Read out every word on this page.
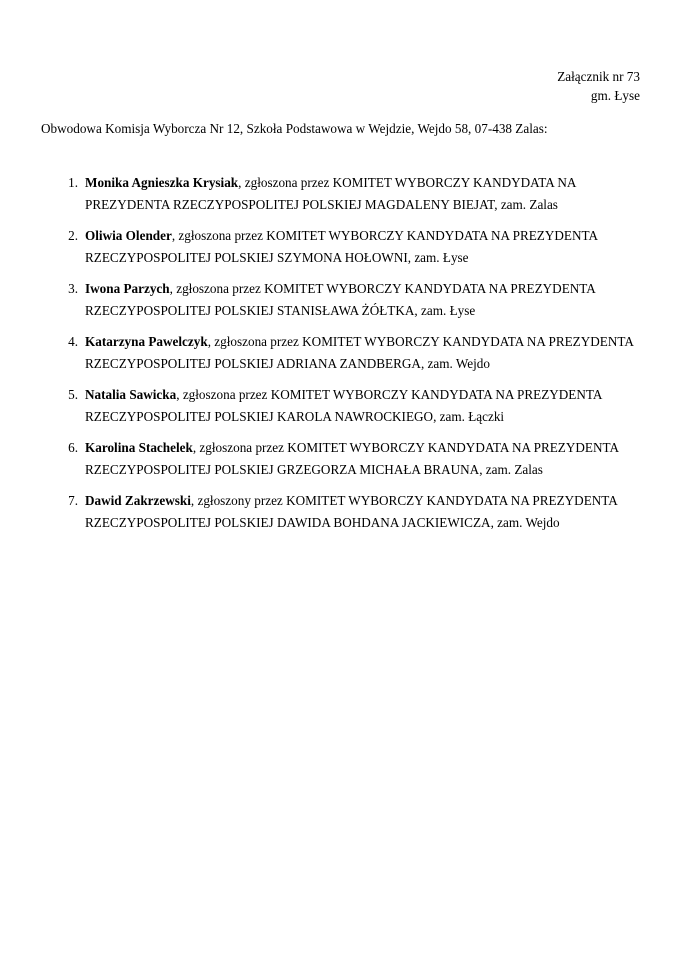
Załącznik nr 73
gm. Łyse
Obwodowa Komisja Wyborcza Nr 12, Szkoła Podstawowa w Wejdzie, Wejdo 58, 07-438 Zalas:
1. Monika Agnieszka Krysiak, zgłoszona przez KOMITET WYBORCZY KANDYDATA NA PREZYDENTA RZECZYPOSPOLITEJ POLSKIEJ MAGDALENY BIEJAT, zam. Zalas
2. Oliwia Olender, zgłoszona przez KOMITET WYBORCZY KANDYDATA NA PREZYDENTA RZECZYPOSPOLITEJ POLSKIEJ SZYMONA HOŁOWNI, zam. Łyse
3. Iwona Parzych, zgłoszona przez KOMITET WYBORCZY KANDYDATA NA PREZYDENTA RZECZYPOSPOLITEJ POLSKIEJ STANISŁAWA ŻÓŁTKA, zam. Łyse
4. Katarzyna Pawelczyk, zgłoszona przez KOMITET WYBORCZY KANDYDATA NA PREZYDENTA RZECZYPOSPOLITEJ POLSKIEJ ADRIANA ZANDBERGA, zam. Wejdo
5. Natalia Sawicka, zgłoszona przez KOMITET WYBORCZY KANDYDATA NA PREZYDENTA RZECZYPOSPOLITEJ POLSKIEJ KAROLA NAWROCKIEGO, zam. Łączki
6. Karolina Stachelek, zgłoszona przez KOMITET WYBORCZY KANDYDATA NA PREZYDENTA RZECZYPOSPOLITEJ POLSKIEJ GRZEGORZA MICHAŁA BRAUNA, zam. Zalas
7. Dawid Zakrzewski, zgłoszony przez KOMITET WYBORCZY KANDYDATA NA PREZYDENTA RZECZYPOSPOLITEJ POLSKIEJ DAWIDA BOHDANA JACKIEWICZA, zam. Wejdo
